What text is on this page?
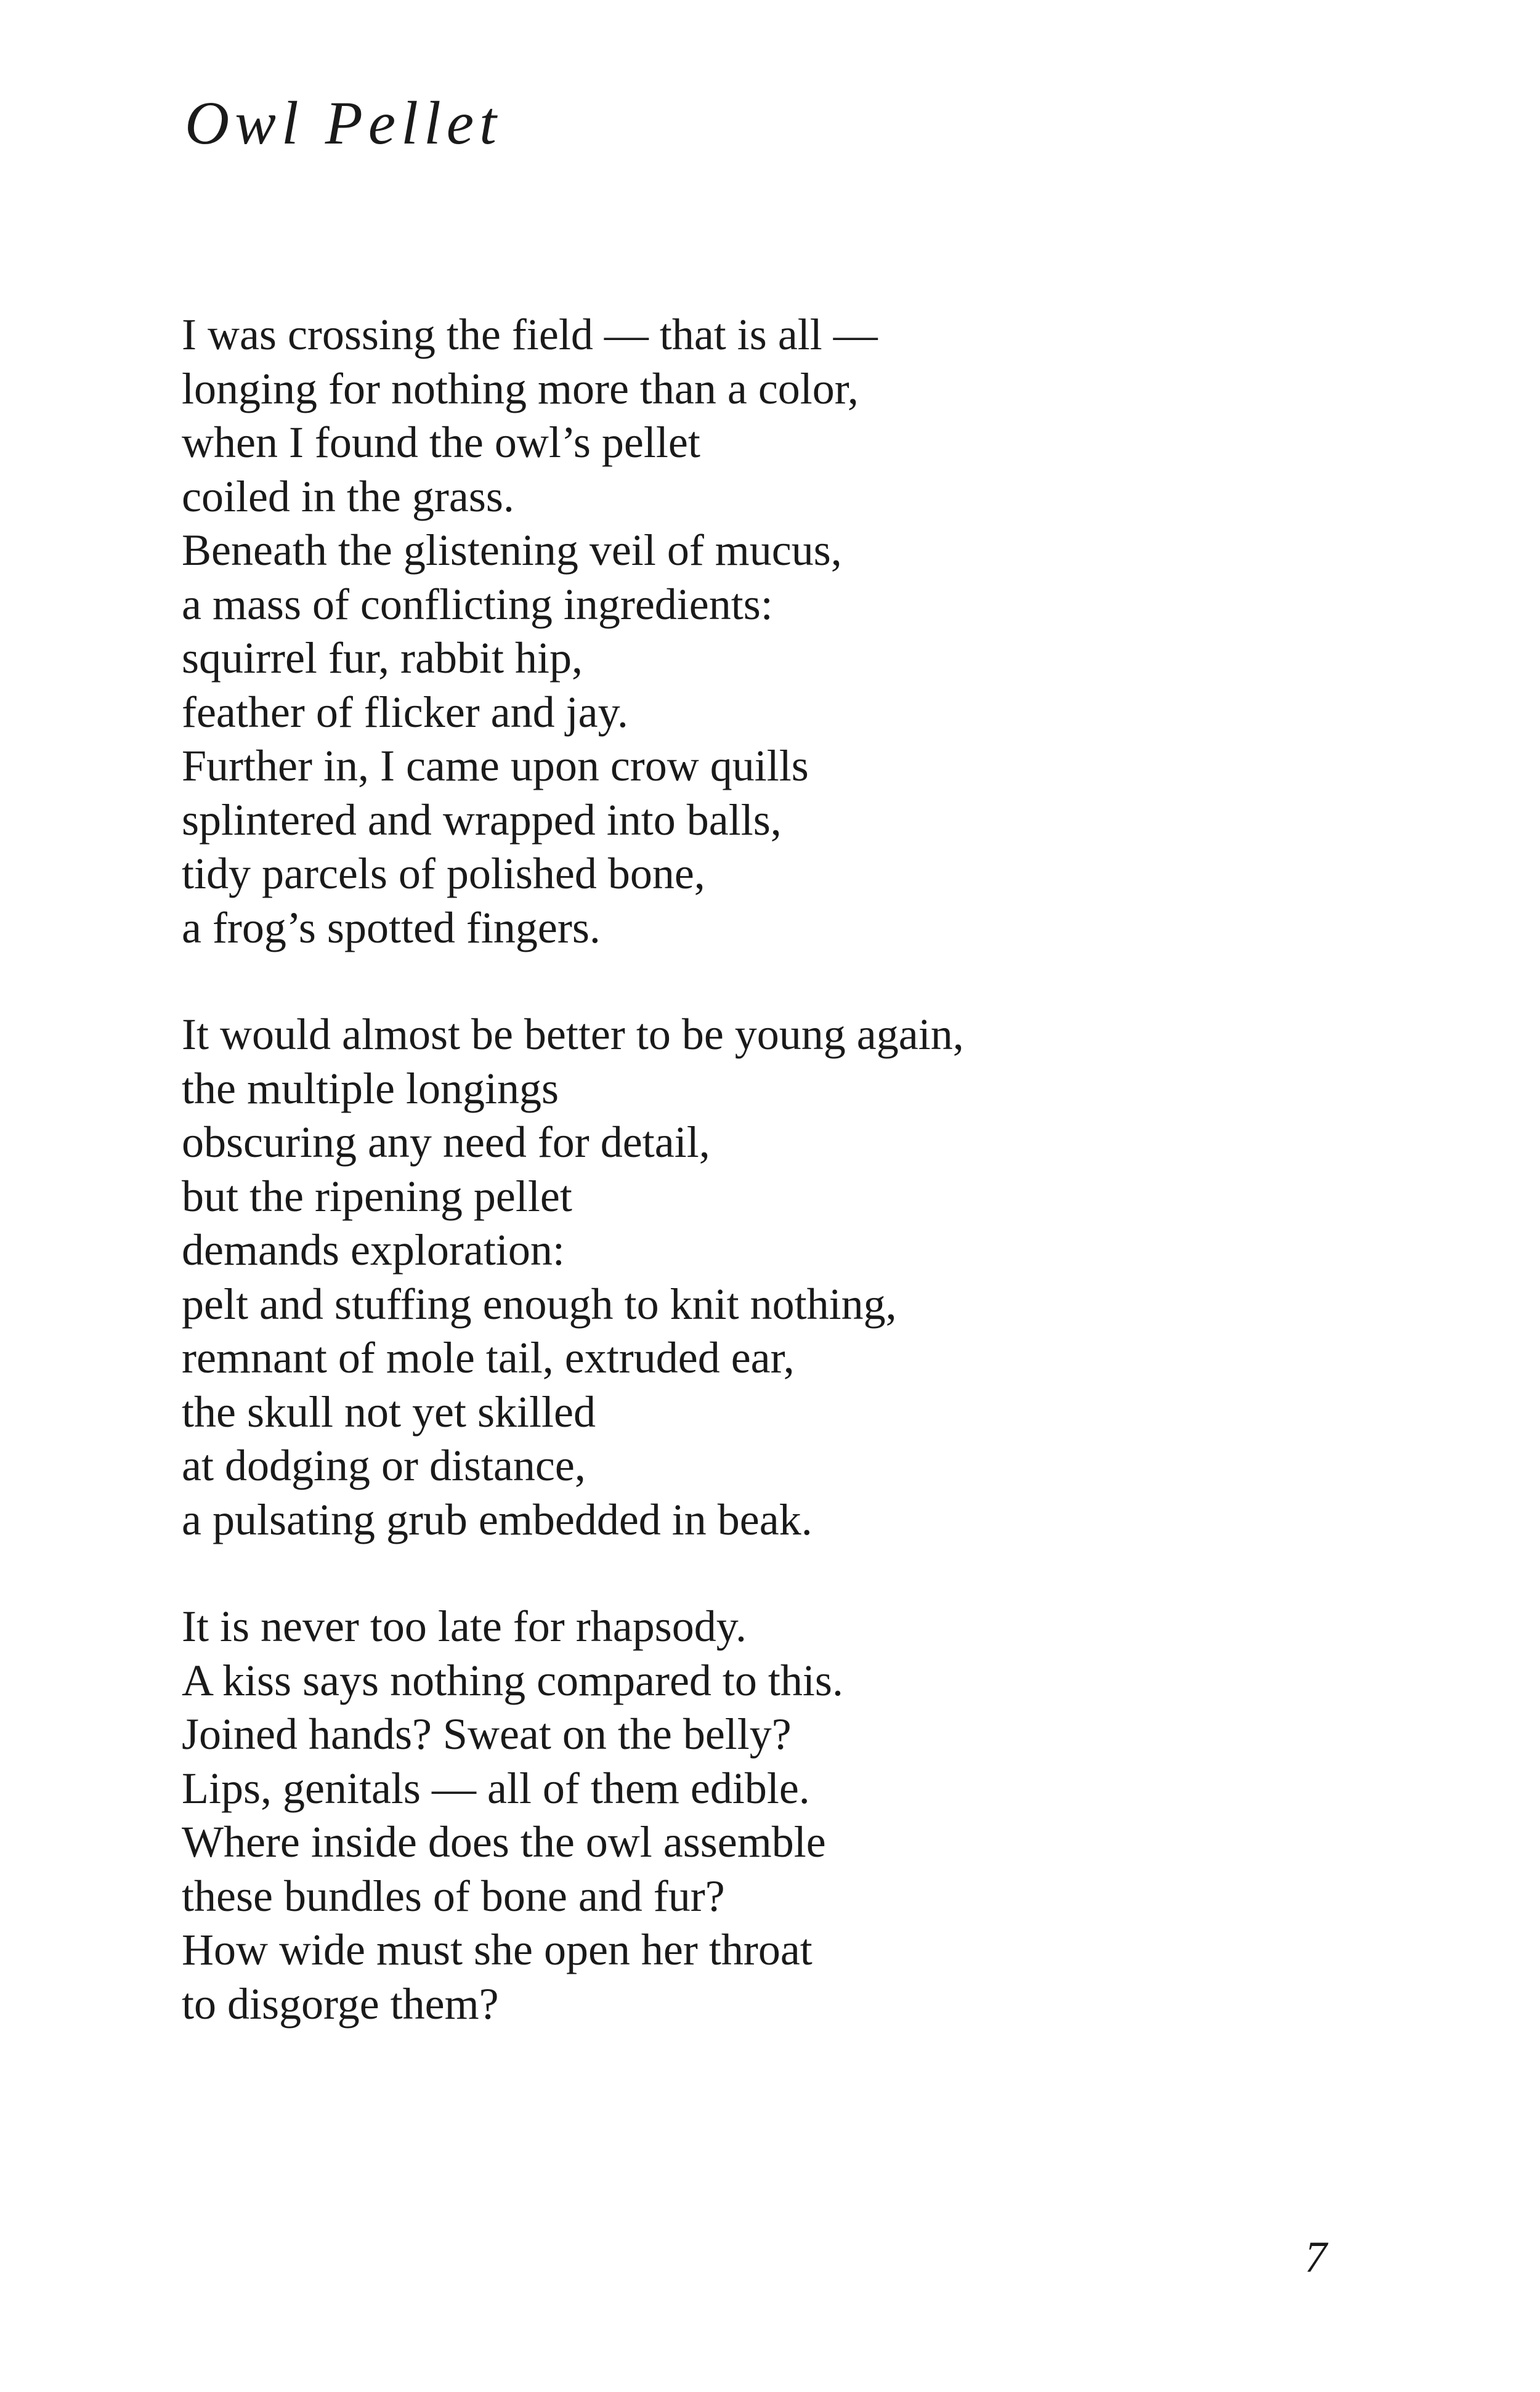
Owl Pellet
I was crossing the field — that is all —
longing for nothing more than a color,
when I found the owl’s pellet
coiled in the grass.
Beneath the glistening veil of mucus,
a mass of conflicting ingredients:
squirrel fur, rabbit hip,
feather of flicker and jay.
Further in, I came upon crow quills
splintered and wrapped into balls,
tidy parcels of polished bone,
a frog’s spotted fingers.
It would almost be better to be young again,
the multiple longings
obscuring any need for detail,
but the ripening pellet
demands exploration:
pelt and stuffing enough to knit nothing,
remnant of mole tail, extruded ear,
the skull not yet skilled
at dodging or distance,
a pulsating grub embedded in beak.
It is never too late for rhapsody.
A kiss says nothing compared to this.
Joined hands? Sweat on the belly?
Lips, genitals — all of them edible.
Where inside does the owl assemble
these bundles of bone and fur?
How wide must she open her throat
to disgorge them?
7
